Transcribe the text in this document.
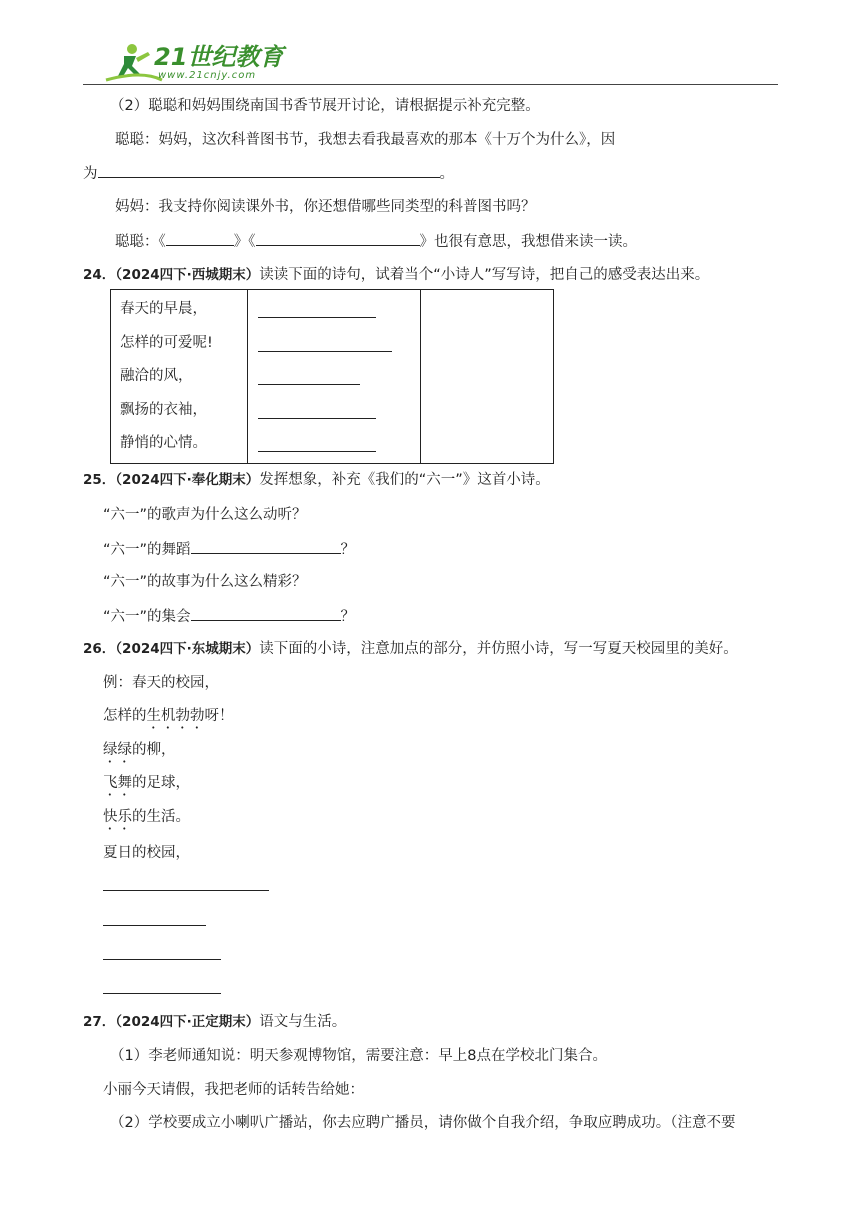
21世纪教育
www.21cnjy.com
（2）聪聪和妈妈围绕南国书香节展开讨论，请根据提示补充完整。
聪聪：妈妈，这次科普图书节，我想去看我最喜欢的那本《十万个为什么》，因
为	。
妈妈：我支持你阅读课外书，你还想借哪些同类型的科普图书吗？
聪聪：《	》《	》也很有意思，我想借来读一读。
24．（2024四下·西城期末）读读下面的诗句，试着当个“小诗人”写写诗，把自己的感受表达出来。
春天的早晨，
怎样的可爱呢!
融洽的风，
飘扬的衣袖，
静悄的心情。

25．（2024四下·奉化期末）发挥想象，补充《我们的“六一”》这首小诗。
“六一”的歌声为什么这么动听？
“六一”的舞蹈	？
“六一”的故事为什么这么精彩？
“六一”的集会	？
26．（2024四下·东城期末）读下面的小诗，注意加点的部分，并仿照小诗，写一写夏天校园里的美好。
例：春天的校园，
怎样的生机勃勃呀！
绿绿的柳，
飞舞的足球，
快乐的生活。
夏日的校园，
27．（2024四下·正定期末）语文与生活。
（1）李老师通知说：明天参观博物馆，需要注意：早上8点在学校北门集合。
小丽今天请假，我把老师的话转告给她：
（2）学校要成立小喇叭广播站，你去应聘广播员，请你做个自我介绍，争取应聘成功。（注意不要
